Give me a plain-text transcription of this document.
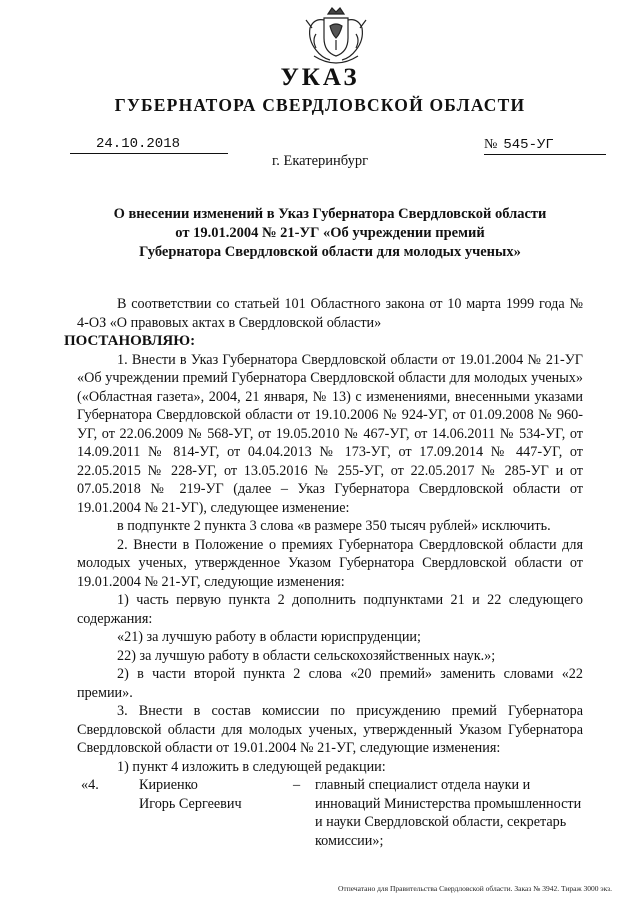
УКАЗ
ГУБЕРНАТОРА СВЕРДЛОВСКОЙ ОБЛАСТИ
24.10.2018	№ 545-УГ
г. Екатеринбург
О внесении изменений в Указ Губернатора Свердловской области
от 19.01.2004 № 21-УГ «Об учреждении премий
Губернатора Свердловской области для молодых ученых»

В соответствии со статьей 101 Областного закона от 10 марта 1999 года № 4-ОЗ «О правовых актах в Свердловской области»

ПОСТАНОВЛЯЮ:

1. Внести в Указ Губернатора Свердловской области от 19.01.2004 № 21-УГ «Об учреждении премий Губернатора Свердловской области для молодых ученых» («Областная газета», 2004, 21 января, № 13) с изменениями, внесенными указами Губернатора Свердловской области от 19.10.2006 № 924-УГ, от 01.09.2008 № 960-УГ, от 22.06.2009 № 568-УГ, от 19.05.2010 № 467-УГ, от 14.06.2011 № 534-УГ, от 14.09.2011 № 814-УГ, от 04.04.2013 № 173-УГ, от 17.09.2014 № 447-УГ, от 22.05.2015 № 228-УГ, от 13.05.2016 № 255-УГ, от 22.05.2017 № 285-УГ и от 07.05.2018 № 219-УГ (далее – Указ Губернатора Свердловской области от 19.01.2004 № 21-УГ), следующее изменение:

в подпункте 2 пункта 3 слова «в размере 350 тысяч рублей» исключить.

2. Внести в Положение о премиях Губернатора Свердловской области для молодых ученых, утвержденное Указом Губернатора Свердловской области от 19.01.2004 № 21-УГ, следующие изменения:

1) часть первую пункта 2 дополнить подпунктами 21 и 22 следующего содержания:

«21) за лучшую работу в области юриспруденции;

22) за лучшую работу в области сельскохозяйственных наук.»;

2) в части второй пункта 2 слова «20 премий» заменить словами «22 премии».

3. Внести в состав комиссии по присуждению премий Губернатора Свердловской области для молодых ученых, утвержденный Указом Губернатора Свердловской области от 19.01.2004 № 21-УГ, следующие изменения:

1) пункт 4 изложить в следующей редакции:

«4.	Кириенко
Игорь Сергеевич
– главный специалист отдела науки и инноваций Министерства промышленности и науки Свердловской области, секретарь комиссии»;
Отпечатано для Правительства Свердловской области. Заказ № 3942. Тираж 3000 экз.
